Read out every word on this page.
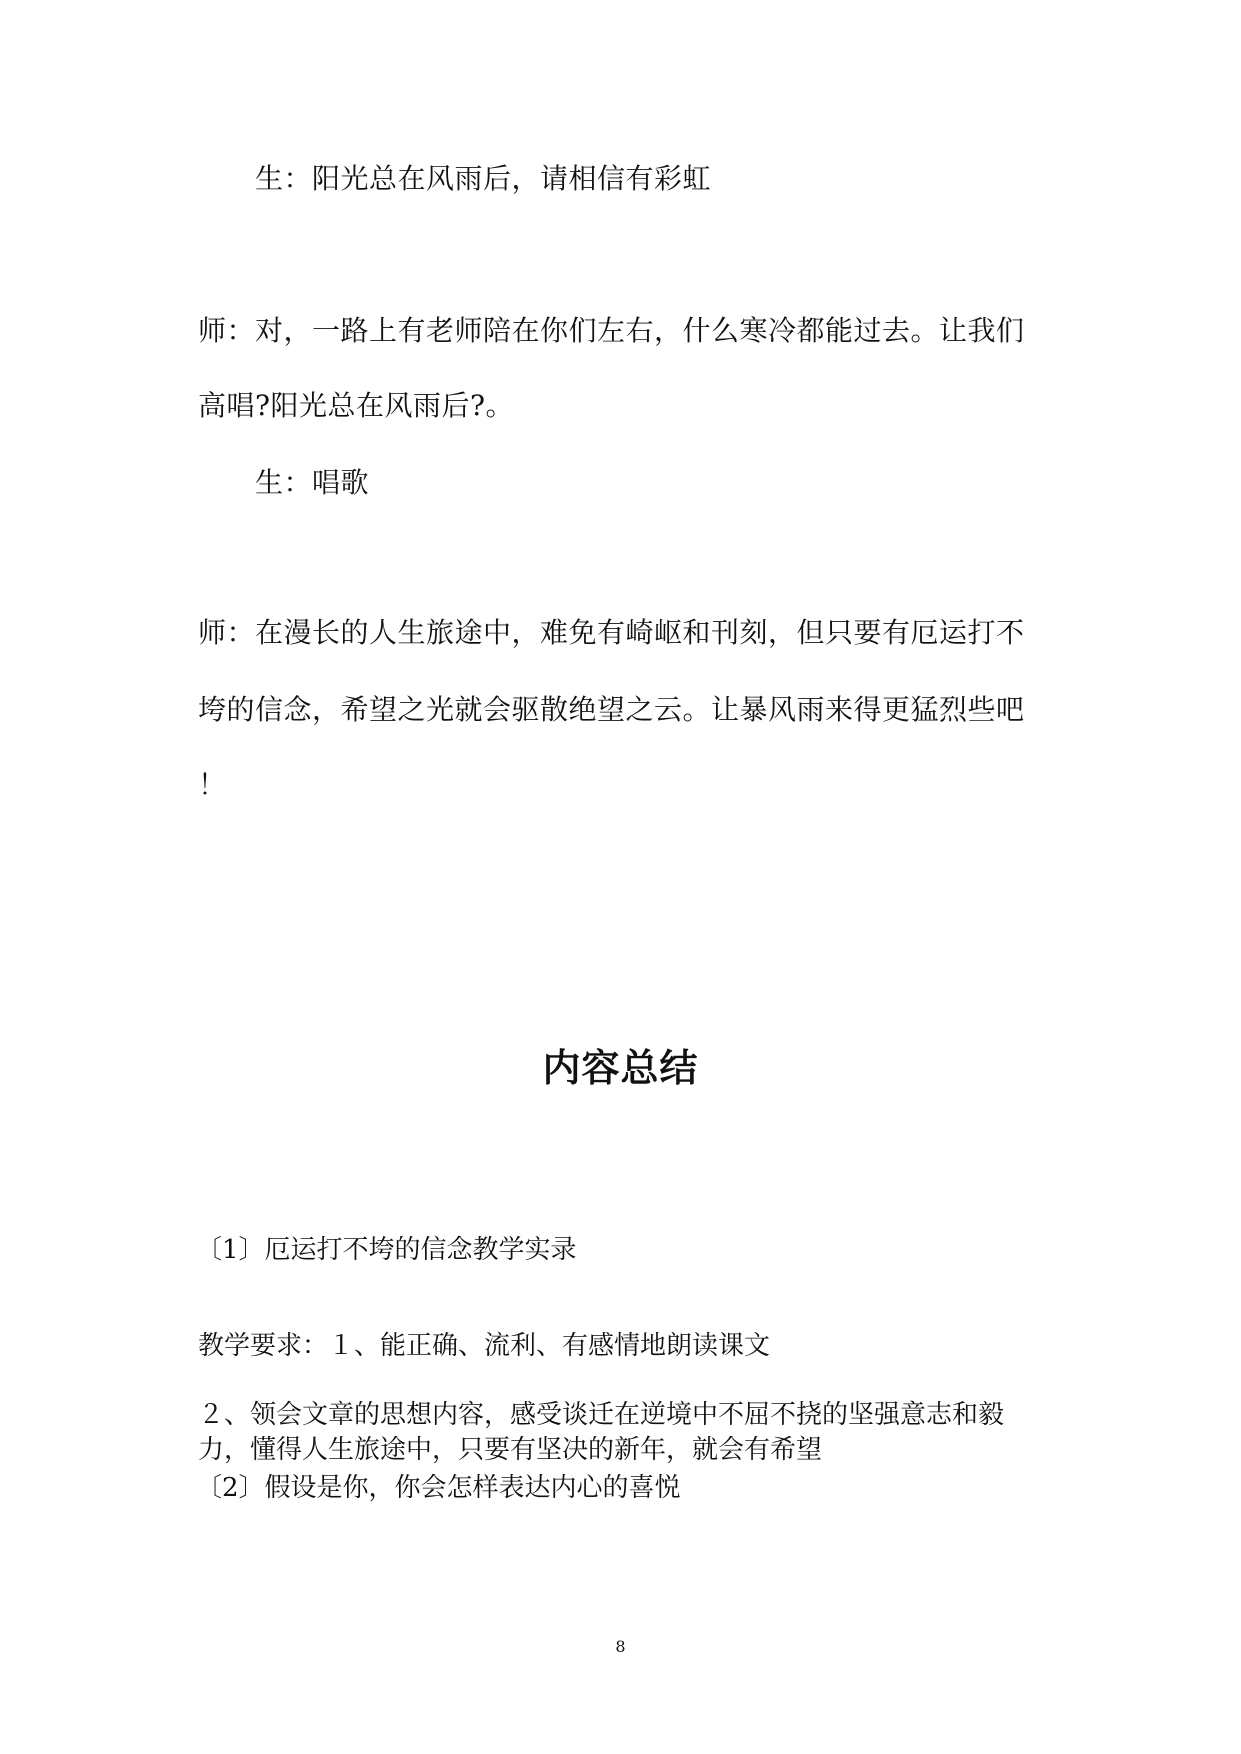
生：阳光总在风雨后，请相信有彩虹
师：对，一路上有老师陪在你们左右，什么寒冷都能过去。让我们
高唱?阳光总在风雨后?。
生：唱歌
师：在漫长的人生旅途中，难免有崎岖和刊刻，但只要有厄运打不
垮的信念，希望之光就会驱散绝望之云。让暴风雨来得更猛烈些吧
！
内容总结
〔1〕厄运打不垮的信念教学实录
教学要求：１、能正确、流利、有感情地朗读课文
２、领会文章的思想内容，感受谈迁在逆境中不屈不挠的坚强意志和毅
力，懂得人生旅途中，只要有坚决的新年，就会有希望
〔2〕假设是你，你会怎样表达内心的喜悦
8
